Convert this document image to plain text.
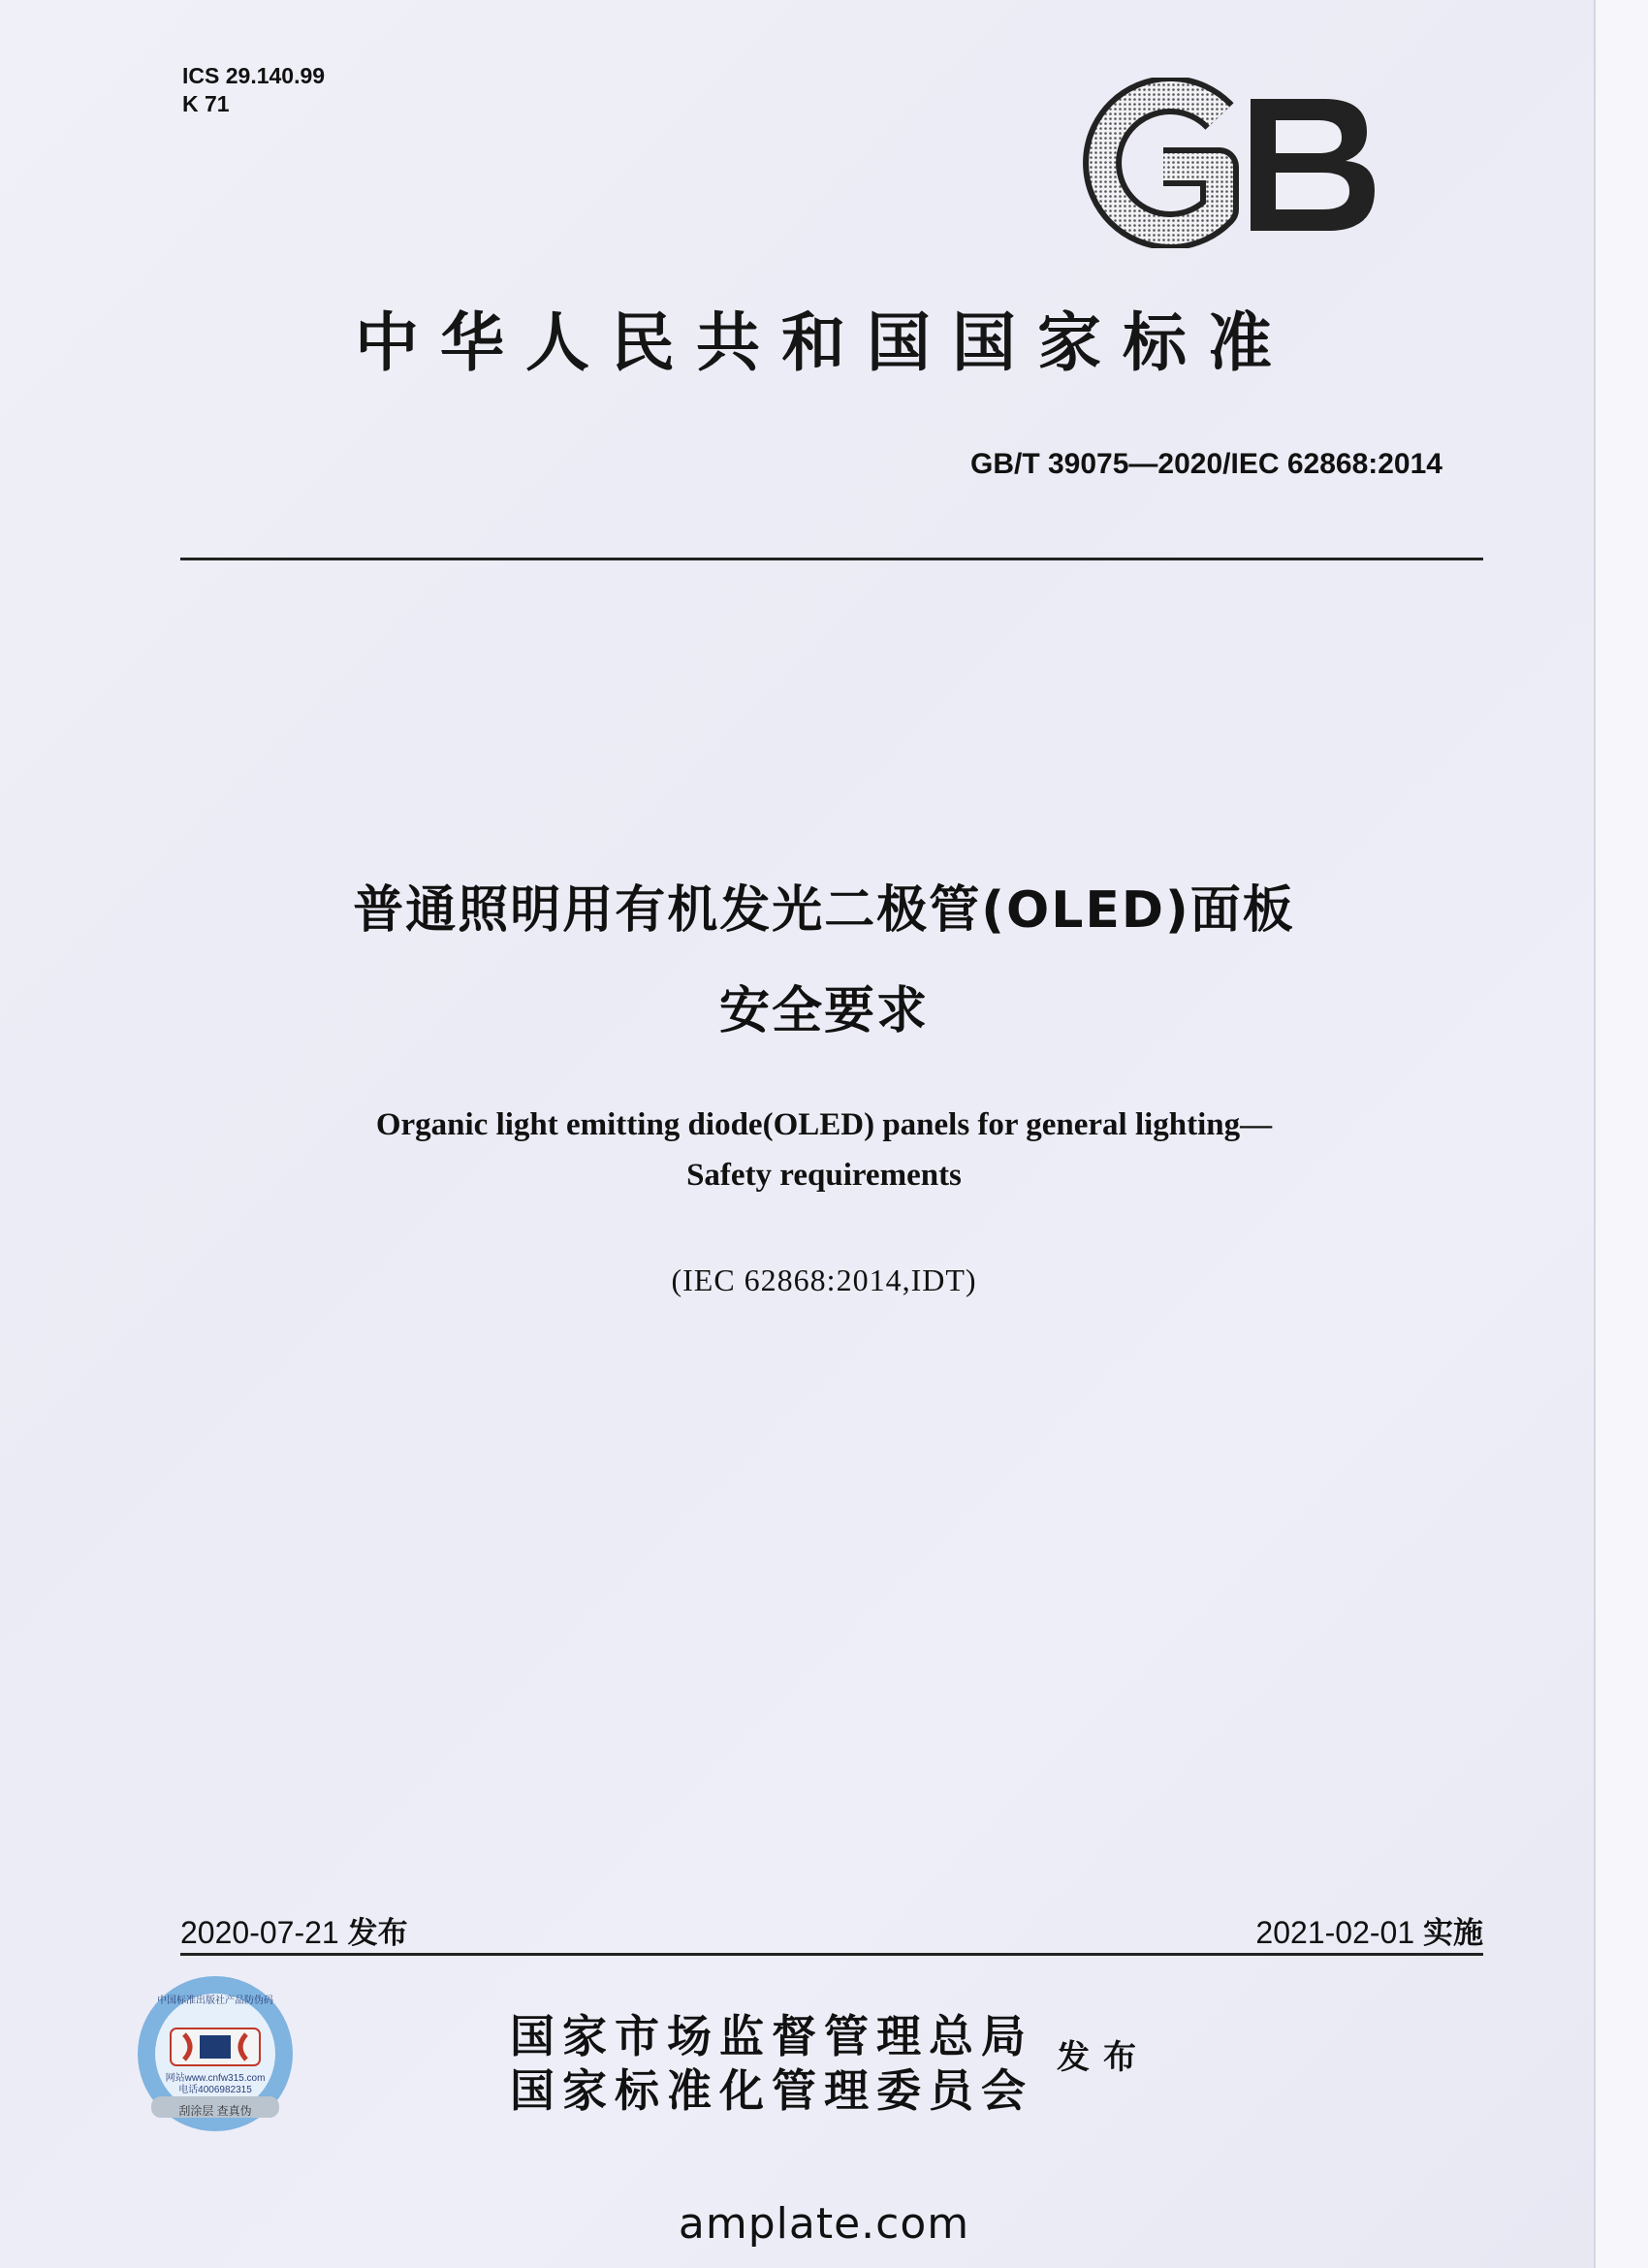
ICS 29.140.99
K 71
GB
中华人民共和国国家标准
GB/T 39075—2020/IEC 62868:2014
普通照明用有机发光二极管(OLED)面板
安全要求
Organic light emitting diode(OLED) panels for general lighting—
Safety requirements
(IEC 62868:2014,IDT)
2020-07-21 发布	2021-02-01 实施
中国标准出版社产品防伪码
网站www.cnfw315.com
电话4006982315
刮涂层 查真伪
国家市场监督管理总局
国家标准化管理委员会
发布
amplate.com
